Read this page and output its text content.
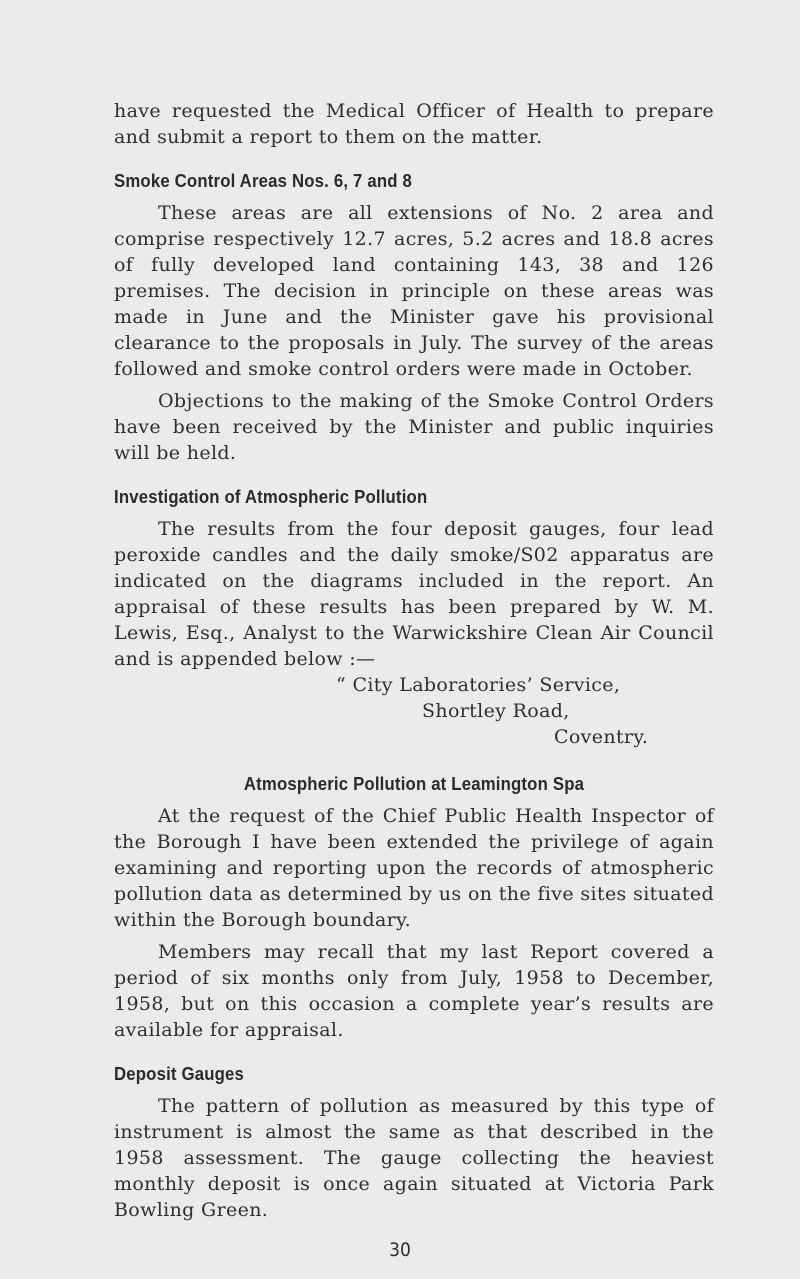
have requested the Medical Officer of Health to prepare and submit a report to them on the matter.

Smoke Control Areas Nos. 6, 7 and 8

These areas are all extensions of No. 2 area and comprise respectively 12.7 acres, 5.2 acres and 18.8 acres of fully developed land containing 143, 38 and 126 premises. The decision in principle on these areas was made in June and the Minister gave his provisional clearance to the proposals in July. The survey of the areas followed and smoke control orders were made in October.

Objections to the making of the Smoke Control Orders have been received by the Minister and public inquiries will be held.

Investigation of Atmospheric Pollution

The results from the four deposit gauges, four lead peroxide candles and the daily smoke/S02 apparatus are indicated on the diagrams included in the report. An appraisal of these results has been prepared by W. M. Lewis, Esq., Analyst to the Warwickshire Clean Air Council and is appended below :—

“ City Laboratories’ Service,
Shortley Road,
Coventry.
Atmospheric Pollution at Leamington Spa

At the request of the Chief Public Health Inspector of the Borough I have been extended the privilege of again examining and reporting upon the records of atmospheric pollution data as determined by us on the five sites situated within the Borough boundary.

Members may recall that my last Report covered a period of six months only from July, 1958 to December, 1958, but on this occasion a complete year’s results are available for appraisal.

Deposit Gauges

The pattern of pollution as measured by this type of instrument is almost the same as that described in the 1958 assessment. The gauge collecting the heaviest monthly deposit is once again situated at Victoria Park Bowling Green.

30
